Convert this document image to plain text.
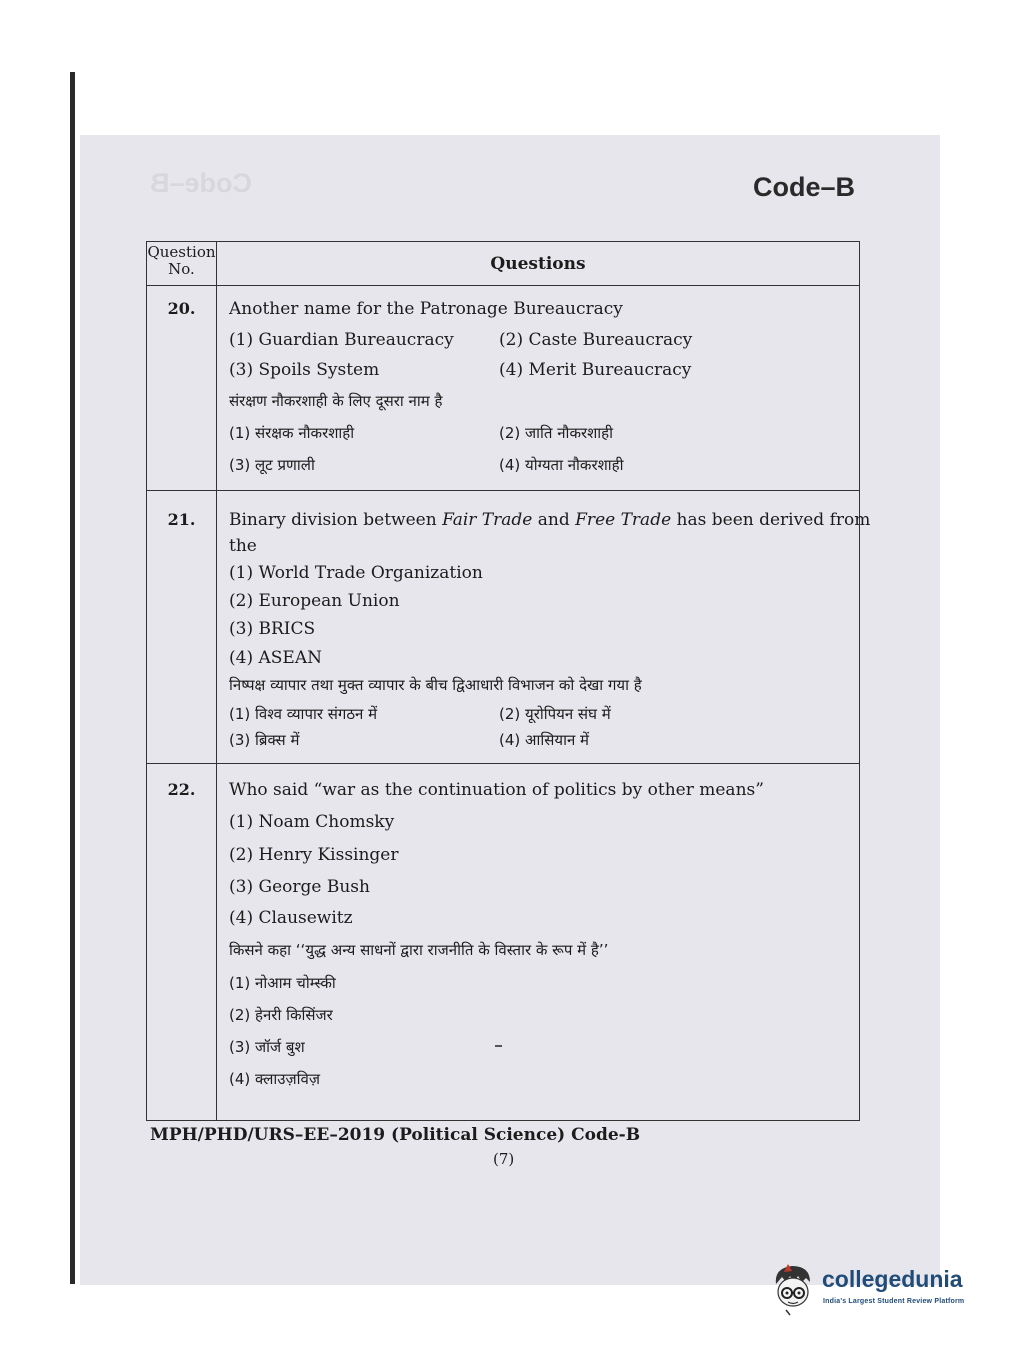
Code–B	Code–B
Question No.	Questions
20.	Another name for the Patronage Bureaucracy
(1) Guardian Bureaucracy	(2) Caste Bureaucracy
(3) Spoils System	(4) Merit Bureaucracy
संरक्षण नौकरशाही के लिए दूसरा नाम है
(1) संरक्षक नौकरशाही	(2) जाति नौकरशाही
(3) लूट प्रणाली	(4) योग्यता नौकरशाही
21.	Binary division between Fair Trade and Free Trade has been derived from
the
(1) World Trade Organization
(2) European Union
(3) BRICS
(4) ASEAN
निष्पक्ष व्यापार तथा मुक्त व्यापार के बीच द्विआधारी विभाजन को देखा गया है
(1) विश्व व्यापार संगठन में	(2) यूरोपियन संघ में
(3) ब्रिक्स में	(4) आसियान में
22.	Who said “war as the continuation of politics by other means”
(1) Noam Chomsky
(2) Henry Kissinger
(3) George Bush
(4) Clausewitz
किसने कहा ‘‘युद्ध अन्य साधनों द्वारा राजनीति के विस्तार के रूप में है’’
(1) नोआम चोम्स्की
(2) हेनरी किसिंजर
(3) जॉर्ज बुश
(4) क्लाउज़विज़
MPH/PHD/URS–EE–2019 (Political Science) Code-B
(7)
collegedunia
India's Largest Student Review Platform
